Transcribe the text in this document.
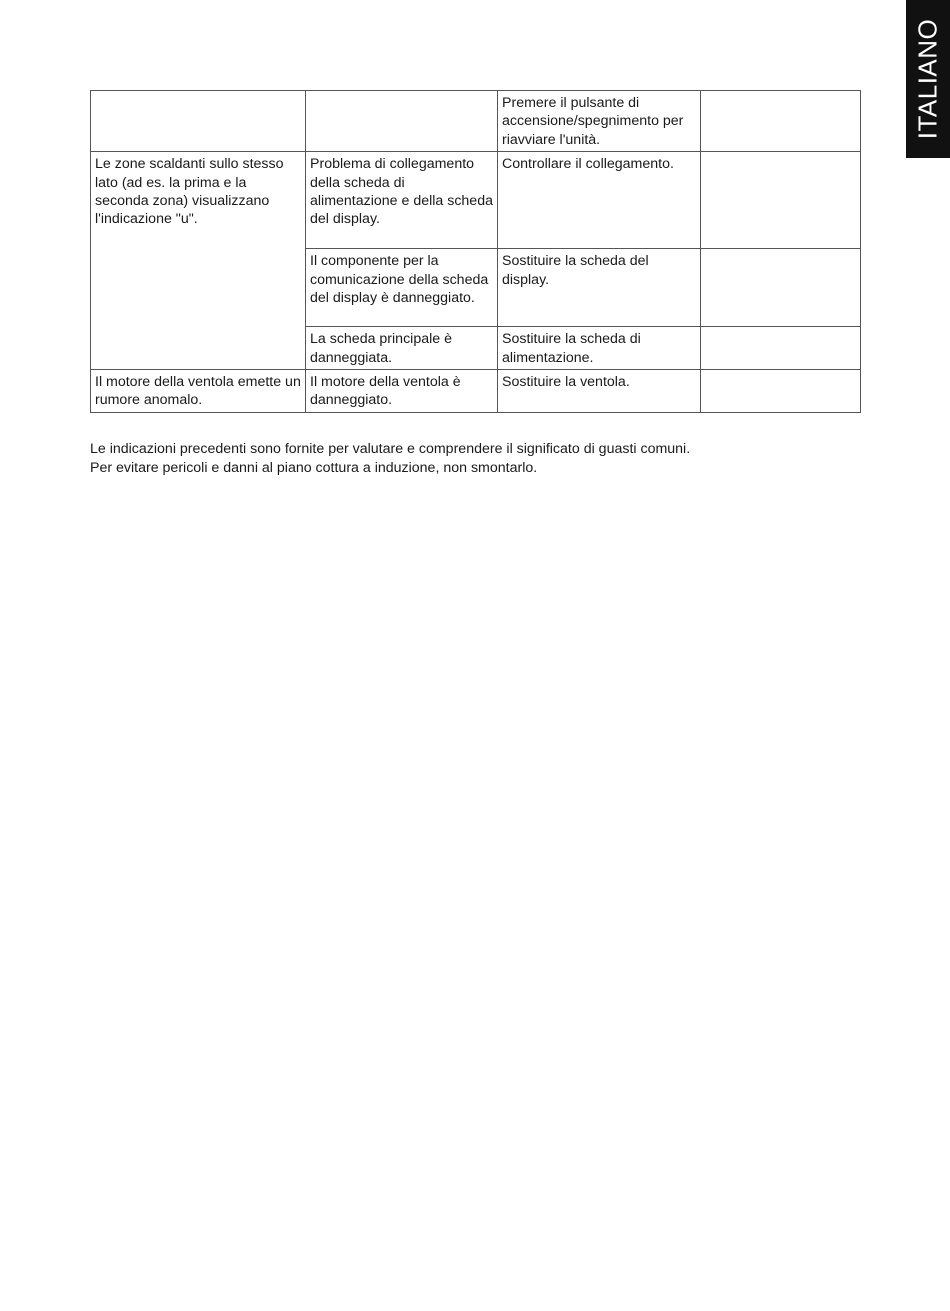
ITALIANO
		Premere il pulsante di accensione/spegnimento per riavviare l'unità.	
Le zone scaldanti sullo stesso lato (ad es. la prima e la seconda zona) visualizzano l'indicazione "u".	Problema di collegamento della scheda di alimentazione e della scheda del display.	Controllare il collegamento.	
	Il componente per la comunicazione della scheda del display è danneggiato.	Sostituire la scheda del display.	
	La scheda principale è danneggiata.	Sostituire la scheda di alimentazione.	
Il motore della ventola emette un rumore anomalo.	Il motore della ventola è danneggiato.	Sostituire la ventola.	

Le indicazioni precedenti sono fornite per valutare e comprendere il significato di guasti comuni.

Per evitare pericoli e danni al piano cottura a induzione, non smontarlo.
